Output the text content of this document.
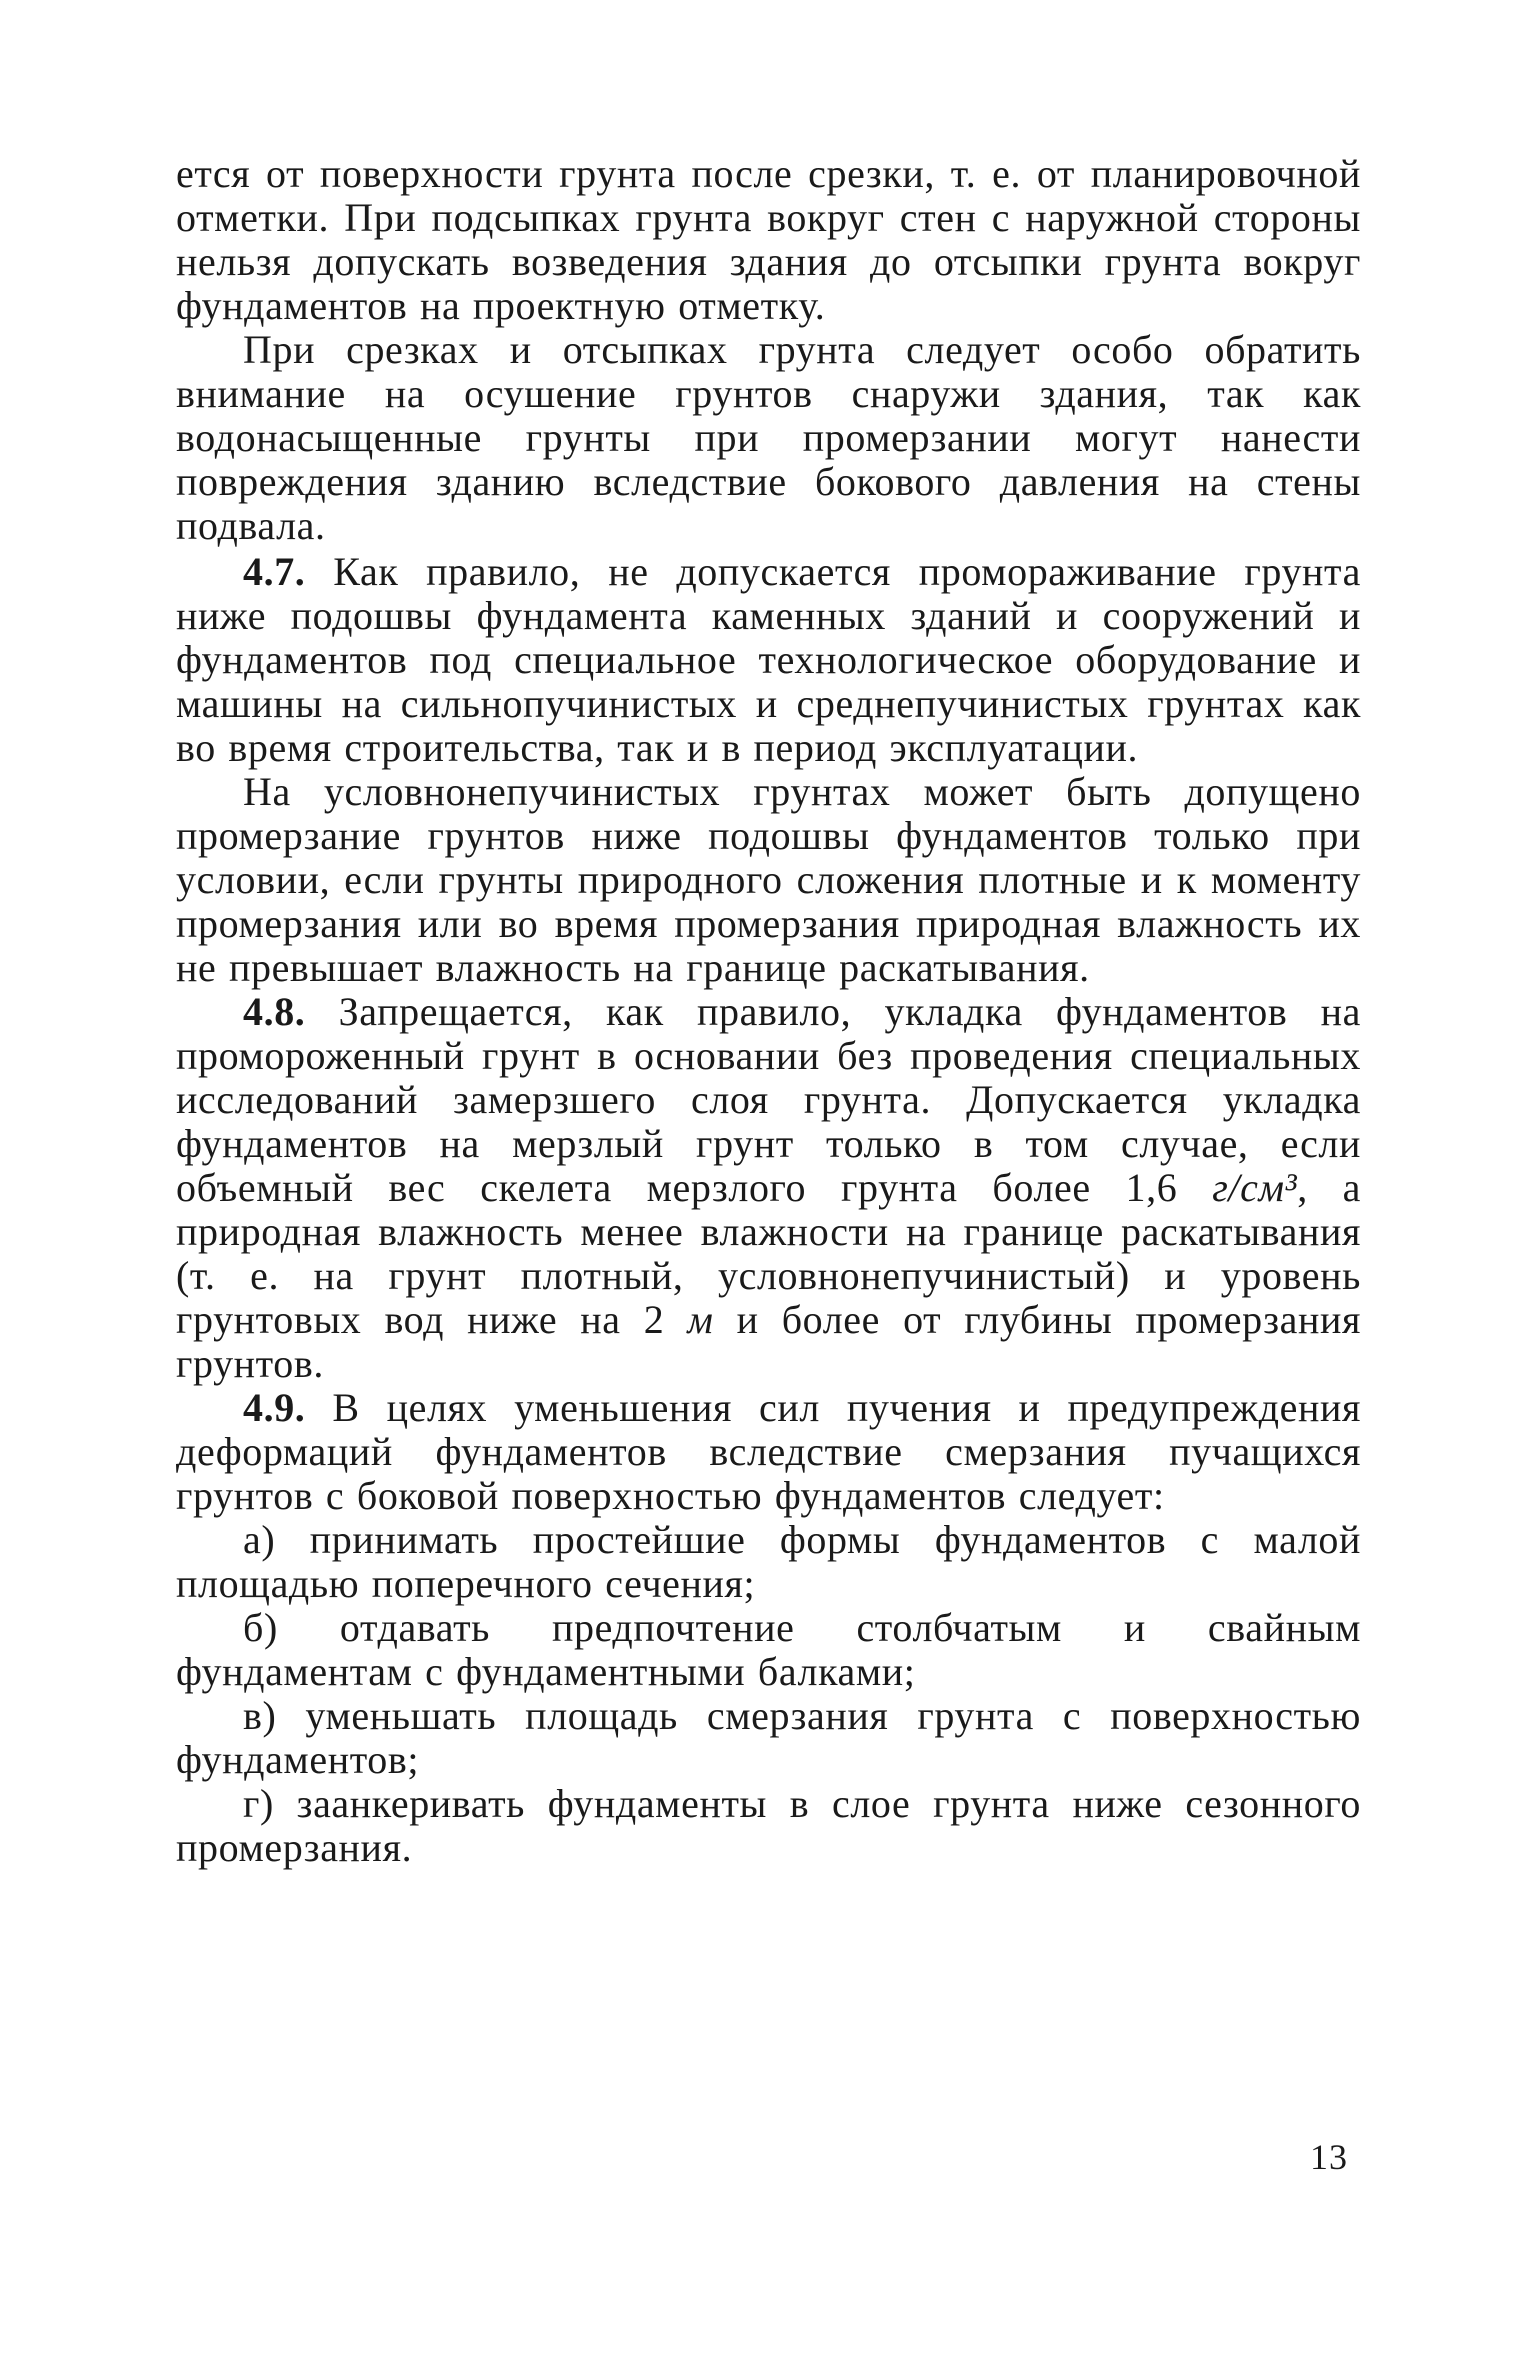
ется от поверхности грунта после срезки, т. е. от планировочной отметки. При подсыпках грунта вокруг стен с наружной стороны нельзя допускать возведения здания до отсыпки грунта вокруг фундаментов на проектную отметку.

При срезках и отсыпках грунта следует особо обратить внимание на осушение грунтов снаружи здания, так как водонасыщенные грунты при промерзании могут нанести повреждения зданию вследствие бокового давления на стены подвала.

4.7. Как правило, не допускается промораживание грунта ниже подошвы фундамента каменных зданий и сооружений и фундаментов под специальное технологическое оборудование и машины на сильнопучинистых и среднепучинистых грунтах как во время строительства, так и в период эксплуатации.

На условнонепучинистых грунтах может быть допущено промерзание грунтов ниже подошвы фундаментов только при условии, если грунты природного сложения плотные и к моменту промерзания или во время промерзания природная влажность их не превышает влажность на границе раскатывания.

4.8. Запрещается, как правило, укладка фундаментов на промороженный грунт в основании без проведения специальных исследований замерзшего слоя грунта. Допускается укладка фундаментов на мерзлый грунт только в том случае, если объемный вес скелета мерзлого грунта более 1,6 г/см³, а природная влажность менее влажности на границе раскатывания (т. е. на грунт плотный, условнонепучинистый) и уровень грунтовых вод ниже на 2 м и более от глубины промерзания грунтов.

4.9. В целях уменьшения сил пучения и предупреждения деформаций фундаментов вследствие смерзания пучащихся грунтов с боковой поверхностью фундаментов следует:

а) принимать простейшие формы фундаментов с малой площадью поперечного сечения;

б) отдавать предпочтение столбчатым и свайным фундаментам с фундаментными балками;

в) уменьшать площадь смерзания грунта с поверхностью фундаментов;

г) заанкеривать фундаменты в слое грунта ниже сезонного промерзания.

13
